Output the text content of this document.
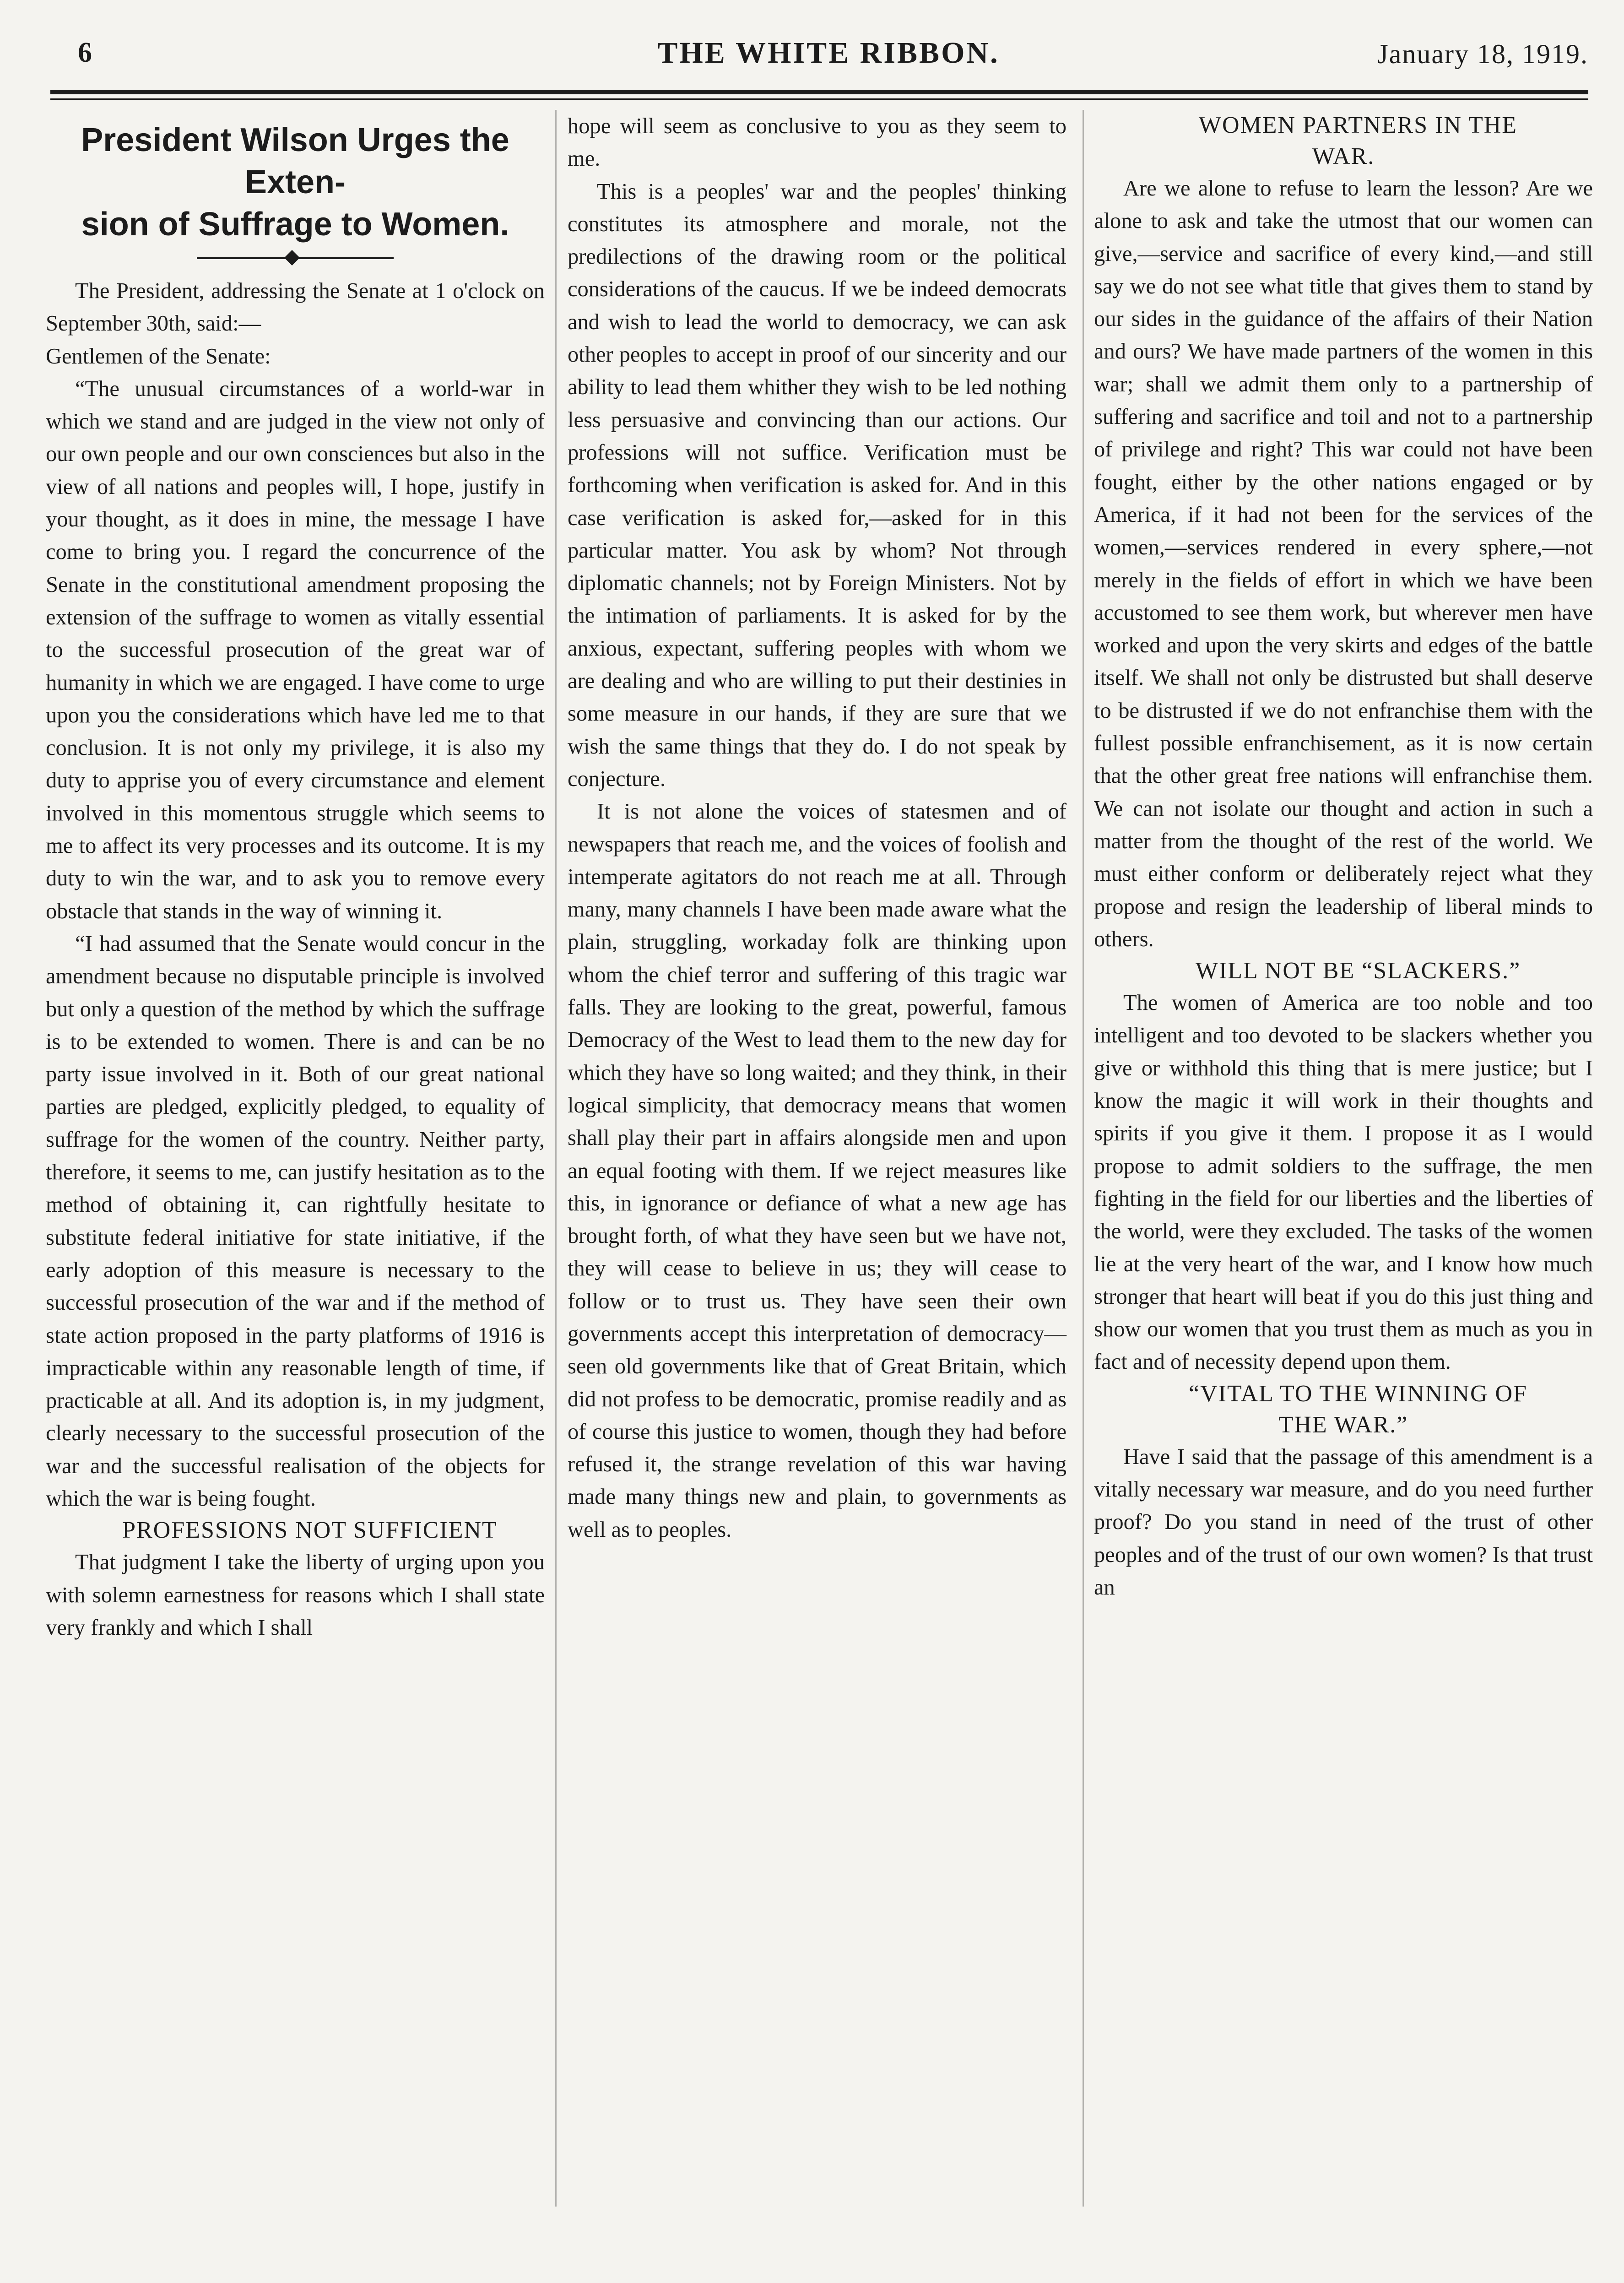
6	THE WHITE RIBBON.	January 18, 1919.
President Wilson Urges the Exten-
sion of Suffrage to Women.

The President, addressing the Senate at 1 o'clock on September 30th, said:—

Gentlemen of the Senate:

“The unusual circumstances of a world-war in which we stand and are judged in the view not only of our own people and our own consciences but also in the view of all nations and peoples will, I hope, justify in your thought, as it does in mine, the message I have come to bring you. I regard the concurrence of the Senate in the constitutional amendment proposing the extension of the suffrage to women as vitally essential to the successful prosecution of the great war of humanity in which we are engaged. I have come to urge upon you the considerations which have led me to that conclusion. It is not only my privilege, it is also my duty to apprise you of every circumstance and element involved in this momentous struggle which seems to me to affect its very processes and its outcome. It is my duty to win the war, and to ask you to remove every obstacle that stands in the way of winning it.

“I had assumed that the Senate would concur in the amendment because no disputable principle is involved but only a question of the method by which the suffrage is to be extended to women. There is and can be no party issue involved in it. Both of our great national parties are pledged, explicitly pledged, to equality of suffrage for the women of the country. Neither party, therefore, it seems to me, can justify hesitation as to the method of obtaining it, can rightfully hesitate to substitute federal initiative for state initiative, if the early adoption of this measure is necessary to the successful prosecution of the war and if the method of state action proposed in the party platforms of 1916 is impracticable within any reasonable length of time, if practicable at all. And its adoption is, in my judgment, clearly necessary to the successful prosecution of the war and the successful realisation of the objects for which the war is being fought.

PROFESSIONS NOT SUFFICIENT

That judgment I take the liberty of urging upon you with solemn earnestness for reasons which I shall state very frankly and which I shall

hope will seem as conclusive to you as they seem to me.

This is a peoples' war and the peoples' thinking constitutes its atmosphere and morale, not the predilections of the drawing room or the political considerations of the caucus. If we be indeed democrats and wish to lead the world to democracy, we can ask other peoples to accept in proof of our sincerity and our ability to lead them whither they wish to be led nothing less persuasive and convincing than our actions. Our professions will not suffice. Verification must be forthcoming when verification is asked for. And in this case verification is asked for,—asked for in this particular matter. You ask by whom? Not through diplomatic channels; not by Foreign Ministers. Not by the intimation of parliaments. It is asked for by the anxious, expectant, suffering peoples with whom we are dealing and who are willing to put their destinies in some measure in our hands, if they are sure that we wish the same things that they do. I do not speak by conjecture.

It is not alone the voices of statesmen and of newspapers that reach me, and the voices of foolish and intemperate agitators do not reach me at all. Through many, many channels I have been made aware what the plain, struggling, workaday folk are thinking upon whom the chief terror and suffering of this tragic war falls. They are looking to the great, powerful, famous Democracy of the West to lead them to the new day for which they have so long waited; and they think, in their logical simplicity, that democracy means that women shall play their part in affairs alongside men and upon an equal footing with them. If we reject measures like this, in ignorance or defiance of what a new age has brought forth, of what they have seen but we have not, they will cease to believe in us; they will cease to follow or to trust us. They have seen their own governments accept this interpretation of democracy—seen old governments like that of Great Britain, which did not profess to be democratic, promise readily and as of course this justice to women, though they had before refused it, the strange revelation of this war having made many things new and plain, to governments as well as to peoples.

WOMEN PARTNERS IN THE
WAR.

Are we alone to refuse to learn the lesson? Are we alone to ask and take the utmost that our women can give,—service and sacrifice of every kind,—and still say we do not see what title that gives them to stand by our sides in the guidance of the affairs of their Nation and ours? We have made partners of the women in this war; shall we admit them only to a partnership of suffering and sacrifice and toil and not to a partnership of privilege and right? This war could not have been fought, either by the other nations engaged or by America, if it had not been for the services of the women,—services rendered in every sphere,—not merely in the fields of effort in which we have been accustomed to see them work, but wherever men have worked and upon the very skirts and edges of the battle itself. We shall not only be distrusted but shall deserve to be distrusted if we do not enfranchise them with the fullest possible enfranchisement, as it is now certain that the other great free nations will enfranchise them. We can not isolate our thought and action in such a matter from the thought of the rest of the world. We must either conform or deliberately reject what they propose and resign the leadership of liberal minds to others.

WILL NOT BE “SLACKERS.”

The women of America are too noble and too intelligent and too devoted to be slackers whether you give or withhold this thing that is mere justice; but I know the magic it will work in their thoughts and spirits if you give it them. I propose it as I would propose to admit soldiers to the suffrage, the men fighting in the field for our liberties and the liberties of the world, were they excluded. The tasks of the women lie at the very heart of the war, and I know how much stronger that heart will beat if you do this just thing and show our women that you trust them as much as you in fact and of necessity depend upon them.

“VITAL TO THE WINNING OF
THE WAR.”

Have I said that the passage of this amendment is a vitally necessary war measure, and do you need further proof? Do you stand in need of the trust of other peoples and of the trust of our own women? Is that trust an
